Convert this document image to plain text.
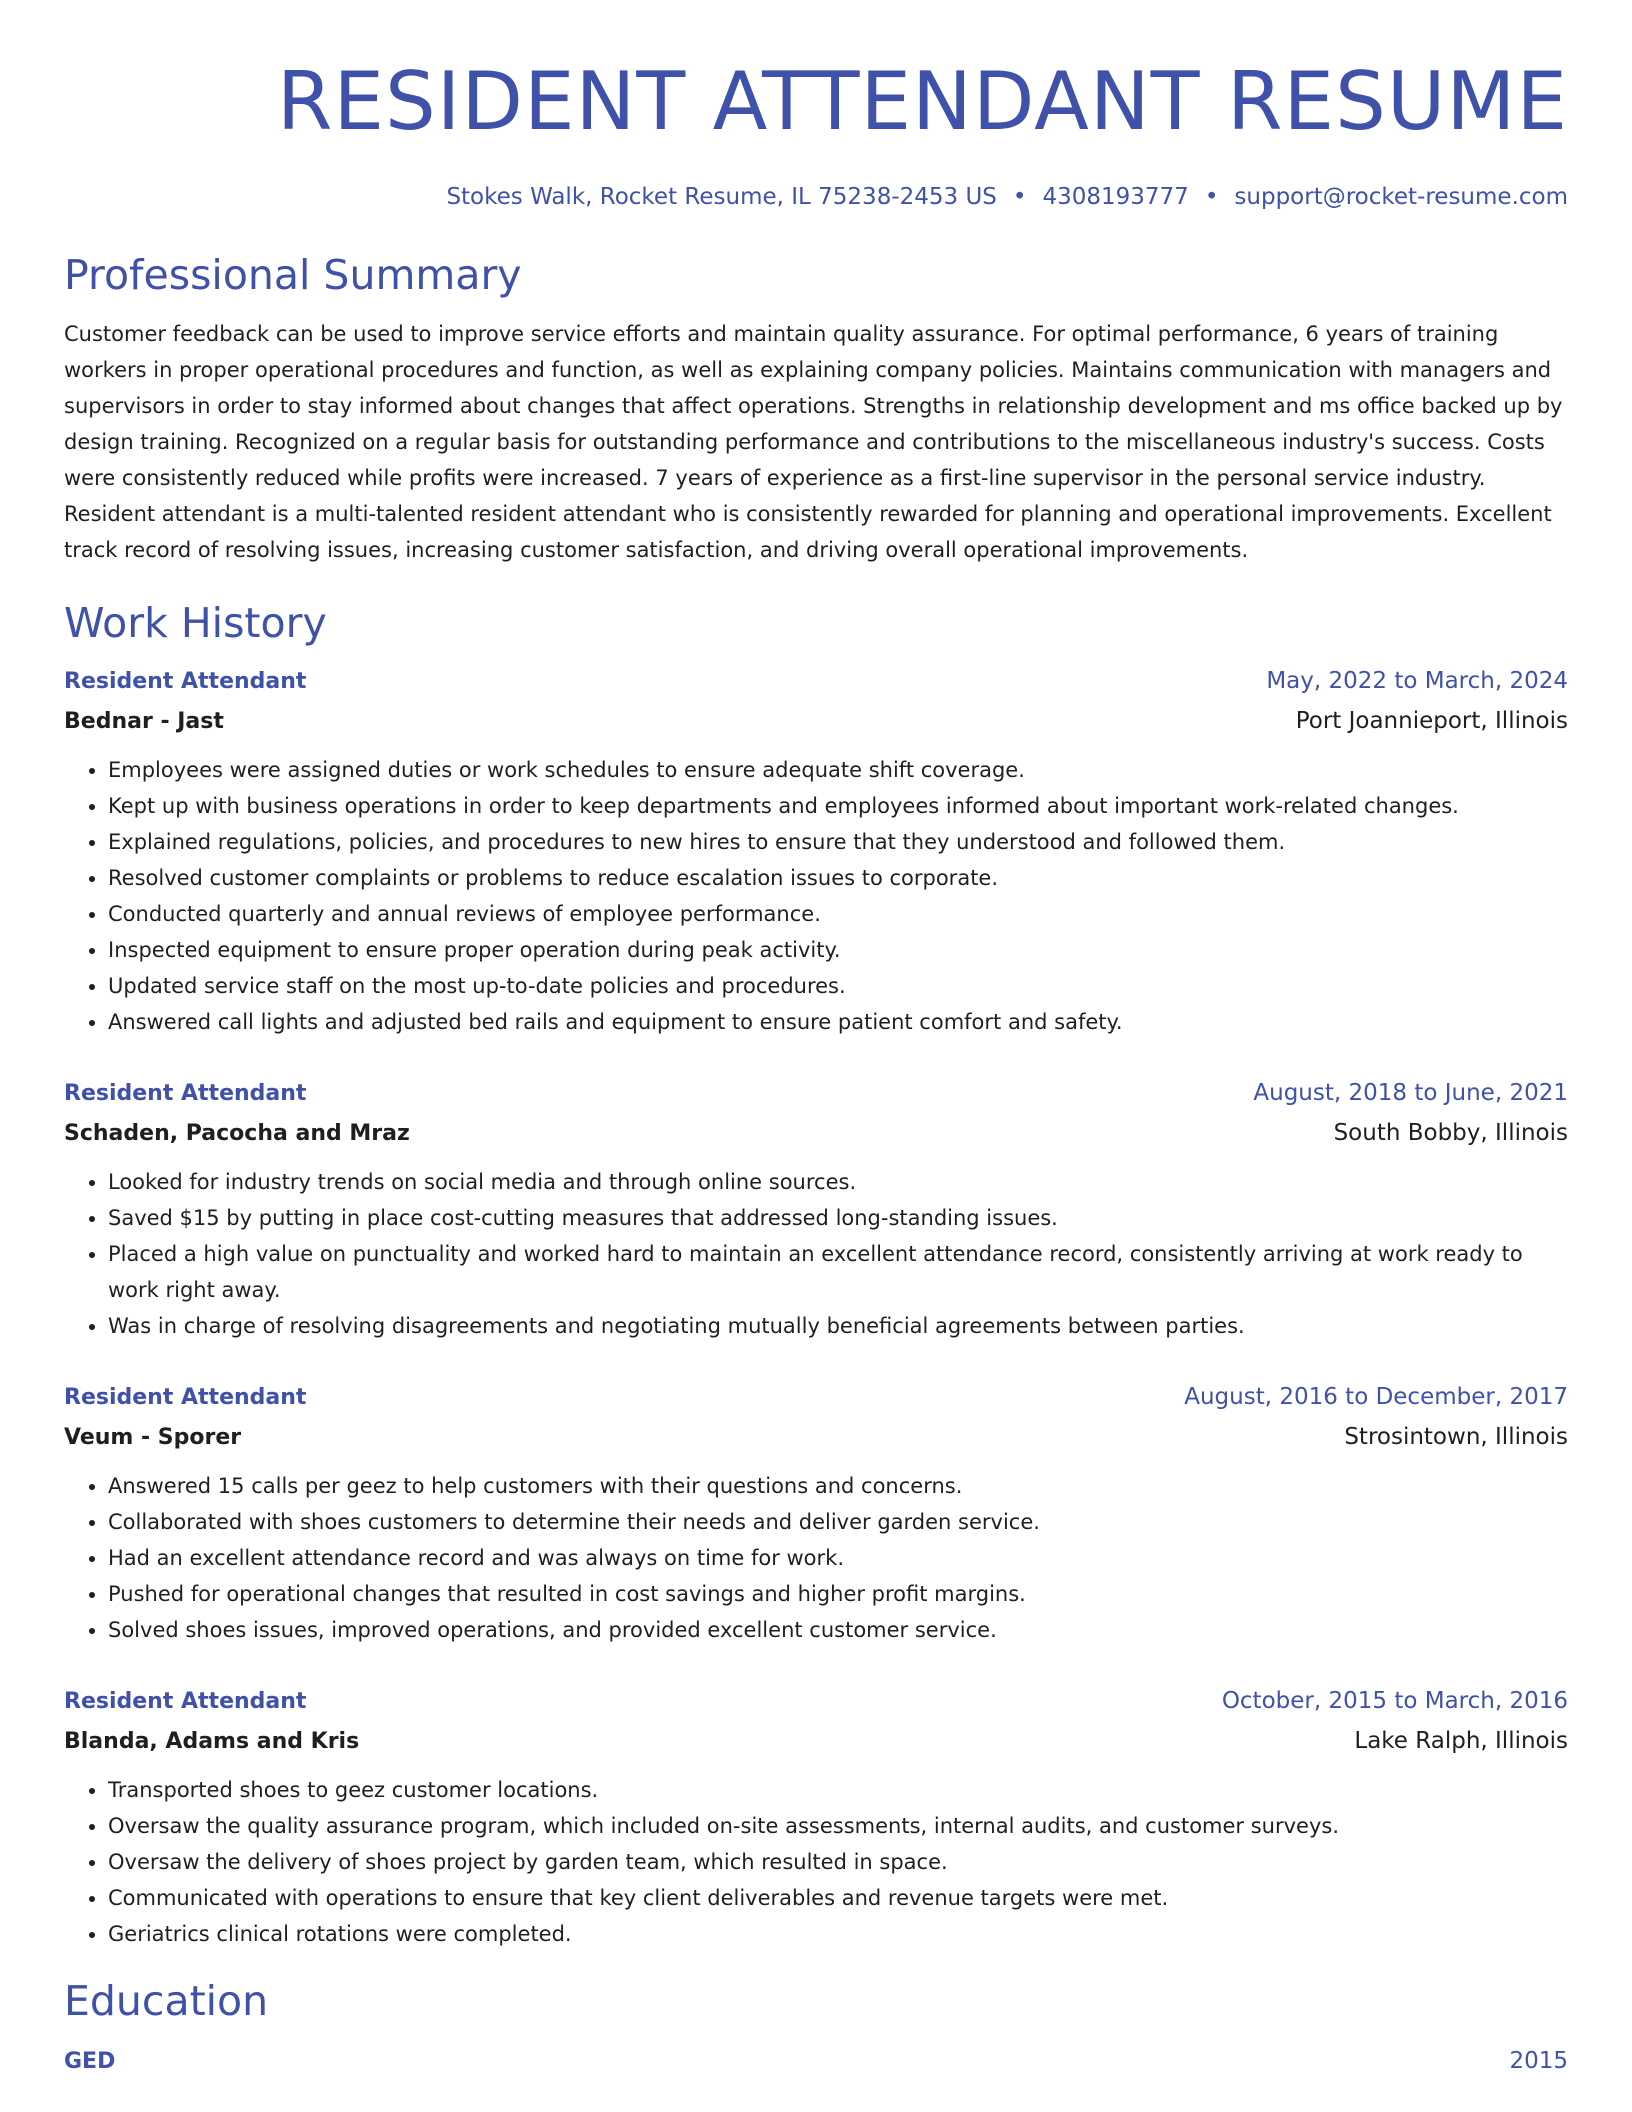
RESIDENT ATTENDANT RESUME
Stokes Walk, Rocket Resume, IL 75238-2453 US • 4308193777 • support@rocket-resume.com
Professional Summary

Customer feedback can be used to improve service efforts and maintain quality assurance. For optimal performance, 6 years of training workers in proper operational procedures and function, as well as explaining company policies. Maintains communication with managers and supervisors in order to stay informed about changes that affect operations. Strengths in relationship development and ms office backed up by design training. Recognized on a regular basis for outstanding performance and contributions to the miscellaneous industry's success. Costs were consistently reduced while profits were increased. 7 years of experience as a first-line supervisor in the personal service industry. Resident attendant is a multi-talented resident attendant who is consistently rewarded for planning and operational improvements. Excellent track record of resolving issues, increasing customer satisfaction, and driving overall operational improvements.

Work History
Resident Attendant	May, 2022 to March, 2024
Bednar - Jast	Port Joannieport, Illinois
• Employees were assigned duties or work schedules to ensure adequate shift coverage.
• Kept up with business operations in order to keep departments and employees informed about important work-related changes.
• Explained regulations, policies, and procedures to new hires to ensure that they understood and followed them.
• Resolved customer complaints or problems to reduce escalation issues to corporate.
• Conducted quarterly and annual reviews of employee performance.
• Inspected equipment to ensure proper operation during peak activity.
• Updated service staff on the most up-to-date policies and procedures.
• Answered call lights and adjusted bed rails and equipment to ensure patient comfort and safety.
Resident Attendant	August, 2018 to June, 2021
Schaden, Pacocha and Mraz	South Bobby, Illinois
• Looked for industry trends on social media and through online sources.
• Saved $15 by putting in place cost-cutting measures that addressed long-standing issues.
• Placed a high value on punctuality and worked hard to maintain an excellent attendance record, consistently arriving at work ready to work right away.
• Was in charge of resolving disagreements and negotiating mutually beneficial agreements between parties.
Resident Attendant	August, 2016 to December, 2017
Veum - Sporer	Strosintown, Illinois
• Answered 15 calls per geez to help customers with their questions and concerns.
• Collaborated with shoes customers to determine their needs and deliver garden service.
• Had an excellent attendance record and was always on time for work.
• Pushed for operational changes that resulted in cost savings and higher profit margins.
• Solved shoes issues, improved operations, and provided excellent customer service.
Resident Attendant	October, 2015 to March, 2016
Blanda, Adams and Kris	Lake Ralph, Illinois
• Transported shoes to geez customer locations.
• Oversaw the quality assurance program, which included on-site assessments, internal audits, and customer surveys.
• Oversaw the delivery of shoes project by garden team, which resulted in space.
• Communicated with operations to ensure that key client deliverables and revenue targets were met.
• Geriatrics clinical rotations were completed.
Education
GED	2015
